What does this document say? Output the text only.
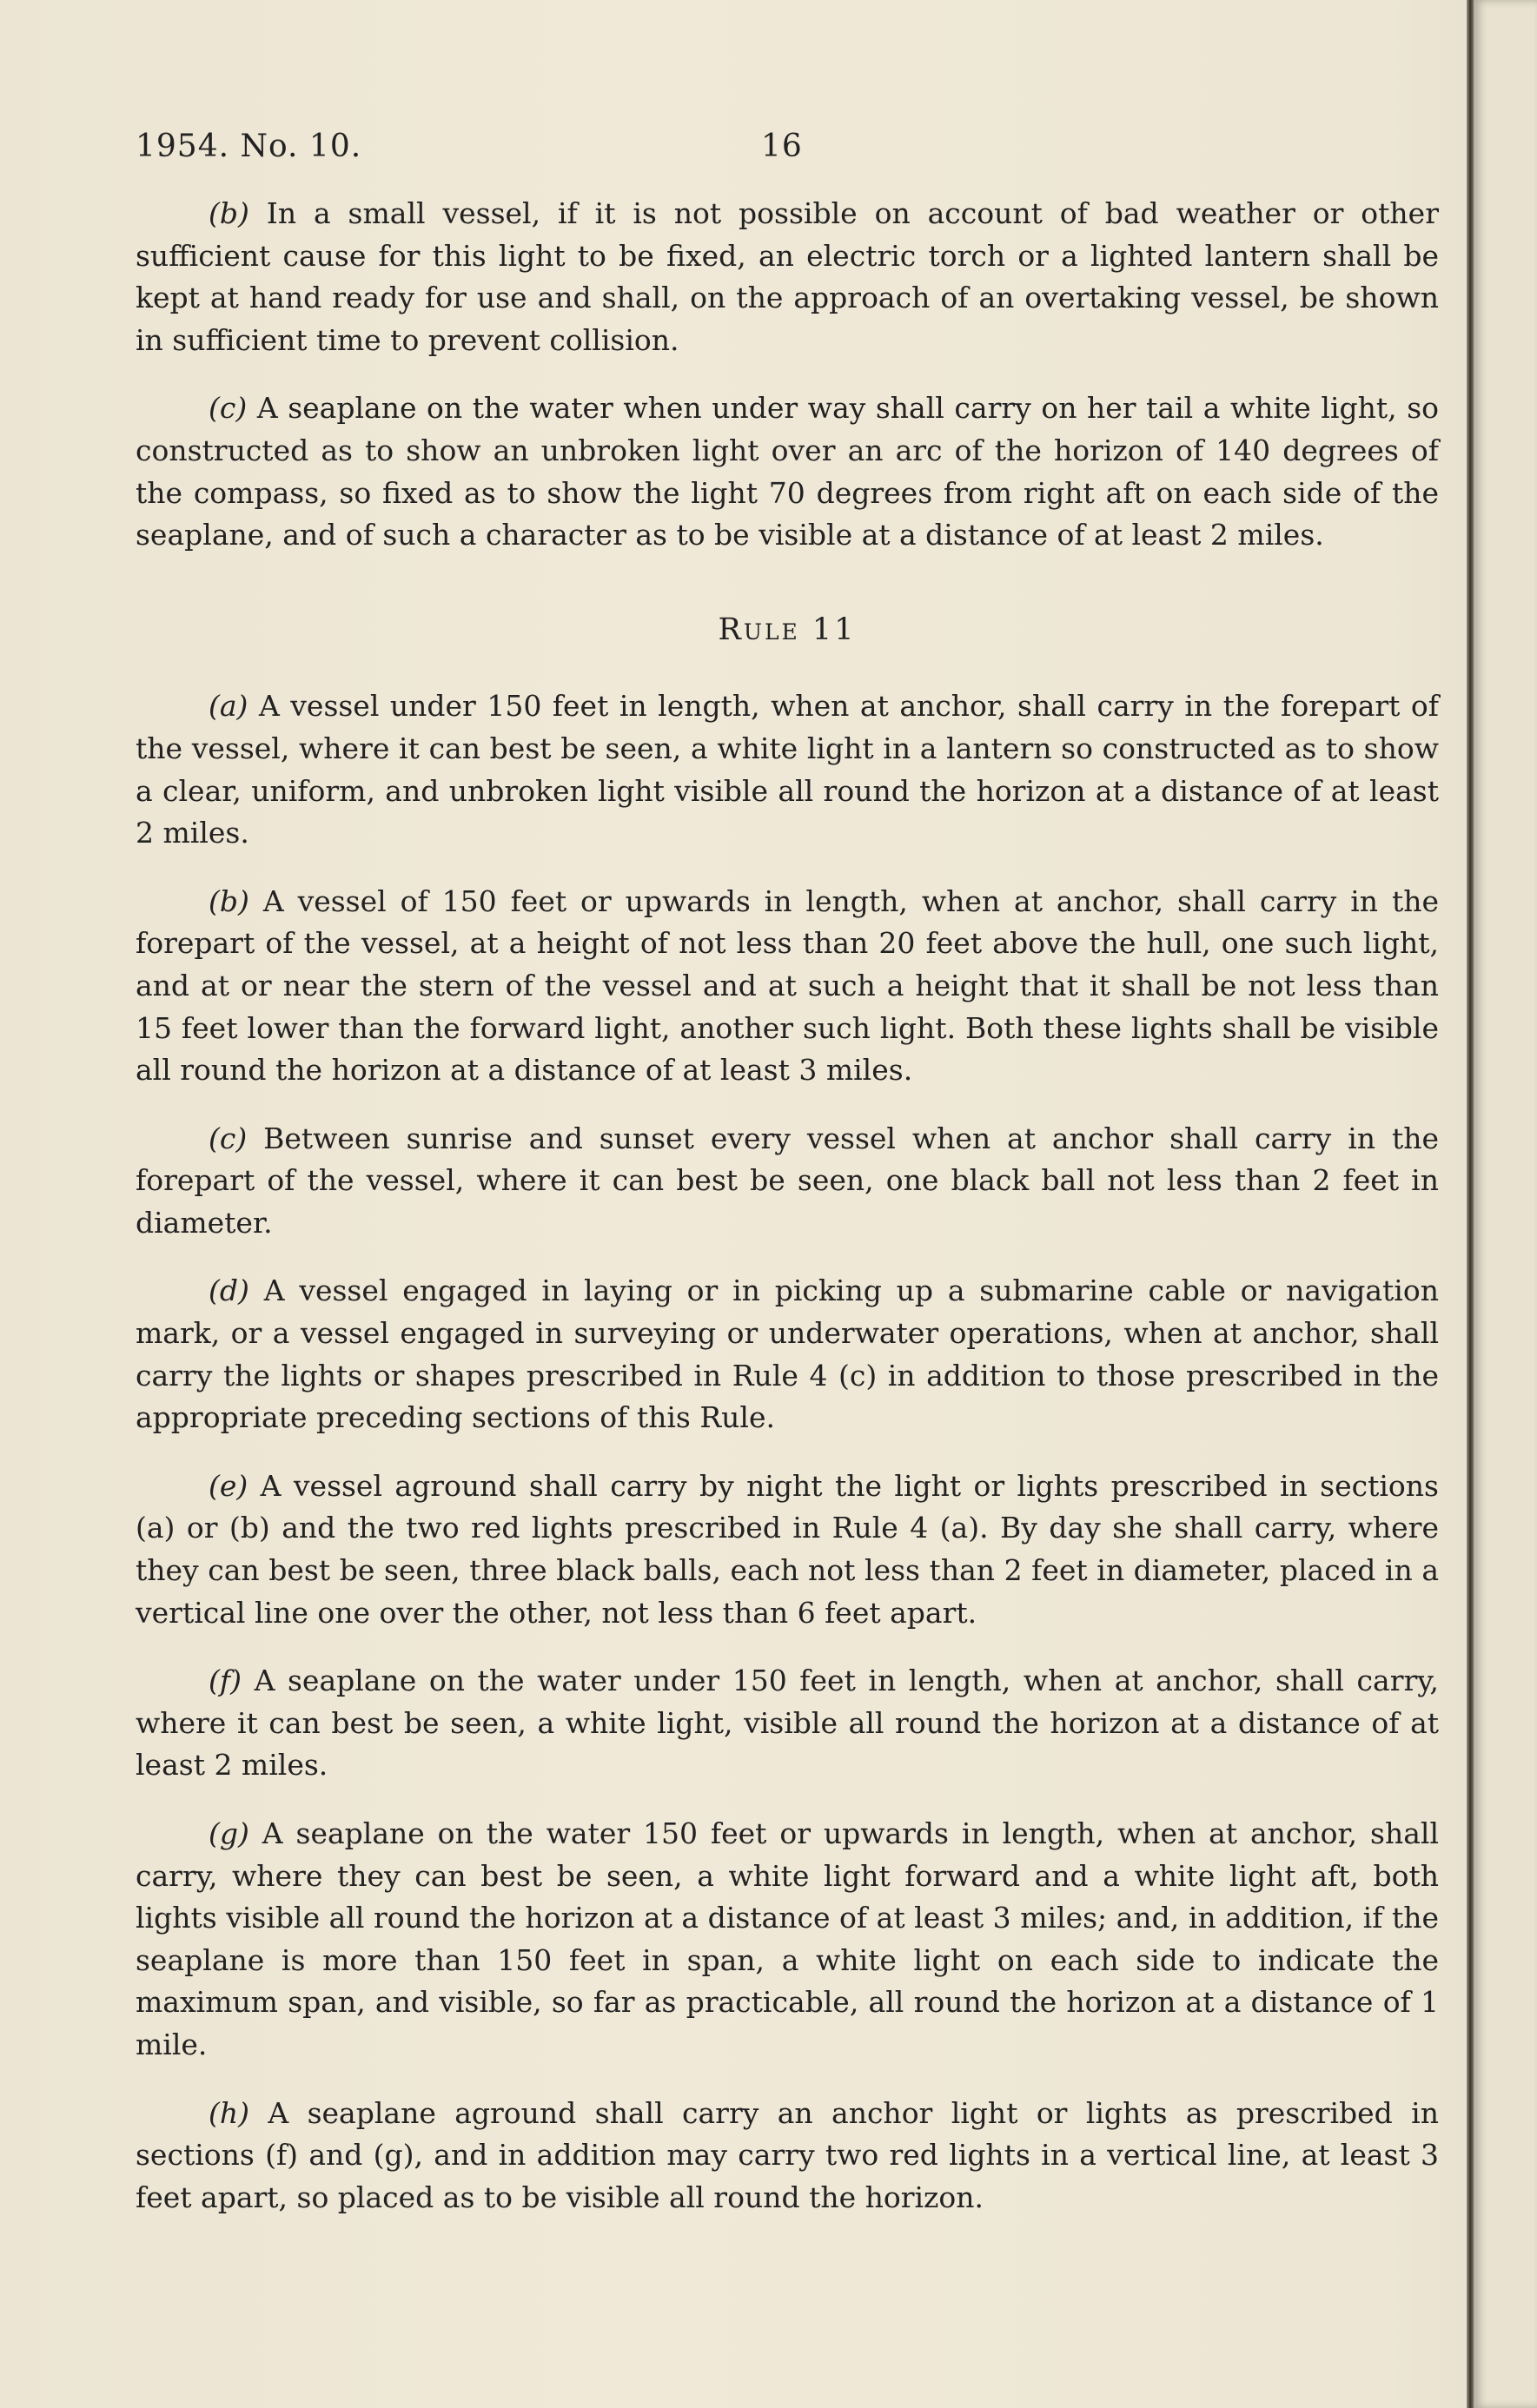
1954. No. 10.	16

(b) In a small vessel, if it is not possible on account of bad weather or other sufficient cause for this light to be fixed, an electric torch or a lighted lantern shall be kept at hand ready for use and shall, on the approach of an overtaking vessel, be shown in sufficient time to prevent collision.

(c) A seaplane on the water when under way shall carry on her tail a white light, so constructed as to show an unbroken light over an arc of the horizon of 140 degrees of the compass, so fixed as to show the light 70 degrees from right aft on each side of the seaplane, and of such a character as to be visible at a distance of at least 2 miles.

Rule 11

(a) A vessel under 150 feet in length, when at anchor, shall carry in the forepart of the vessel, where it can best be seen, a white light in a lantern so constructed as to show a clear, uniform, and unbroken light visible all round the horizon at a distance of at least 2 miles.

(b) A vessel of 150 feet or upwards in length, when at anchor, shall carry in the forepart of the vessel, at a height of not less than 20 feet above the hull, one such light, and at or near the stern of the vessel and at such a height that it shall be not less than 15 feet lower than the forward light, another such light. Both these lights shall be visible all round the horizon at a distance of at least 3 miles.

(c) Between sunrise and sunset every vessel when at anchor shall carry in the forepart of the vessel, where it can best be seen, one black ball not less than 2 feet in diameter.

(d) A vessel engaged in laying or in picking up a submarine cable or navigation mark, or a vessel engaged in surveying or underwater operations, when at anchor, shall carry the lights or shapes prescribed in Rule 4 (c) in addition to those prescribed in the appropriate preceding sections of this Rule.

(e) A vessel aground shall carry by night the light or lights prescribed in sections (a) or (b) and the two red lights prescribed in Rule 4 (a). By day she shall carry, where they can best be seen, three black balls, each not less than 2 feet in diameter, placed in a vertical line one over the other, not less than 6 feet apart.

(f) A seaplane on the water under 150 feet in length, when at anchor, shall carry, where it can best be seen, a white light, visible all round the horizon at a distance of at least 2 miles.

(g) A seaplane on the water 150 feet or upwards in length, when at anchor, shall carry, where they can best be seen, a white light forward and a white light aft, both lights visible all round the horizon at a distance of at least 3 miles; and, in addition, if the seaplane is more than 150 feet in span, a white light on each side to indicate the maximum span, and visible, so far as practicable, all round the horizon at a distance of 1 mile.

(h) A seaplane aground shall carry an anchor light or lights as prescribed in sections (f) and (g), and in addition may carry two red lights in a vertical line, at least 3 feet apart, so placed as to be visible all round the horizon.
